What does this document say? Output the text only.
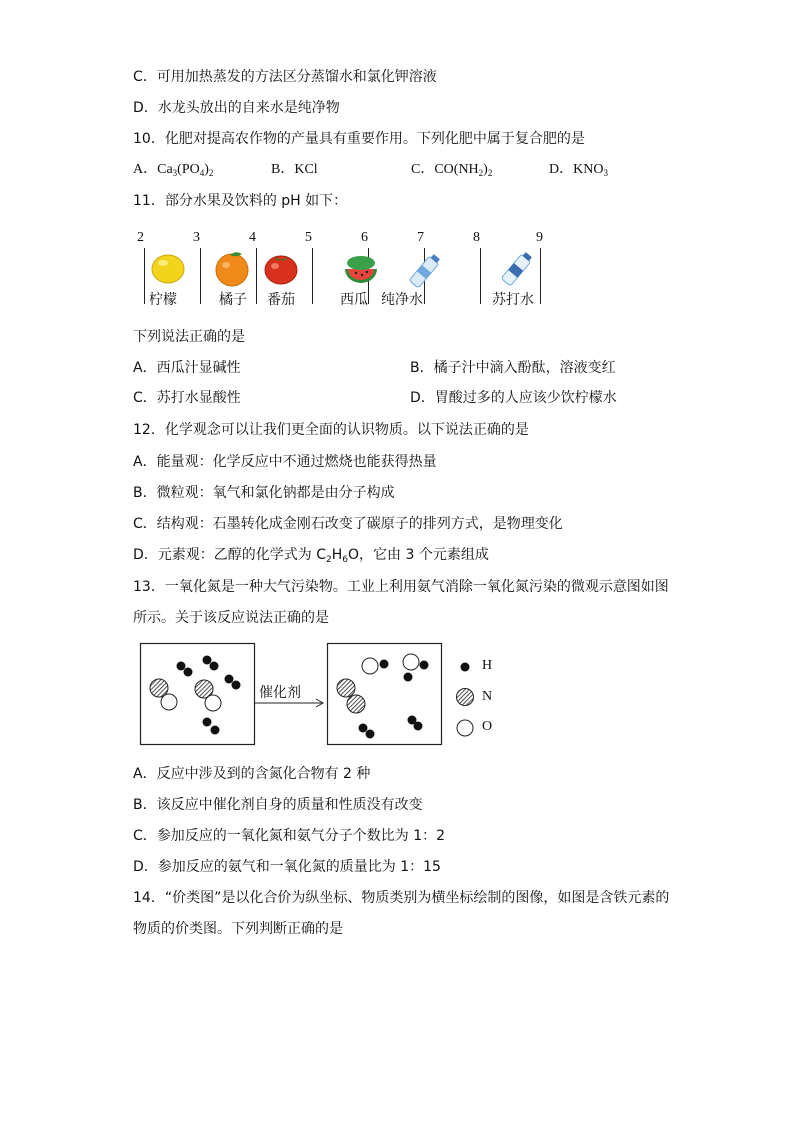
C．可用加热蒸发的方法区分蒸馏水和氯化钾溶液
D．水龙头放出的自来水是纯净物
10．化肥对提高农作物的产量具有重要作用。下列化肥中属于复合肥的是
A．$Ca_3(PO_4)_2$	B．KCl	C．$CO(NH_2)_2$	D．$KNO_3$
11．部分水果及饮料的 pH 如下：
2	3	4	5	6	7	8	9
柠檬	橘子 番茄	西瓜 纯净水	苏打水
下列说法正确的是
A．西瓜汁显碱性	B．橘子汁中滴入酚酞，溶液变红
C．苏打水显酸性	D．胃酸过多的人应该少饮柠檬水
12．化学观念可以让我们更全面的认识物质。以下说法正确的是
A．能量观：化学反应中不通过燃烧也能获得热量
B．微粒观：氧气和氯化钠都是由分子构成
C．结构观：石墨转化成金刚石改变了碳原子的排列方式，是物理变化
D．元素观：乙醇的化学式为 $C_2H_6O$，它由 3 个元素组成
13．一氧化氮是一种大气污染物。工业上利用氨气消除一氧化氮污染的微观示意图如图
所示。关于该反应说法正确的是
催化剂
H
N
O
A．反应中涉及到的含氮化合物有 2 种
B．该反应中催化剂自身的质量和性质没有改变
C．参加反应的一氧化氮和氨气分子个数比为 1：2
D．参加反应的氨气和一氧化氮的质量比为 1：15
14．“价类图”是以化合价为纵坐标、物质类别为横坐标绘制的图像，如图是含铁元素的
物质的价类图。下列判断正确的是
